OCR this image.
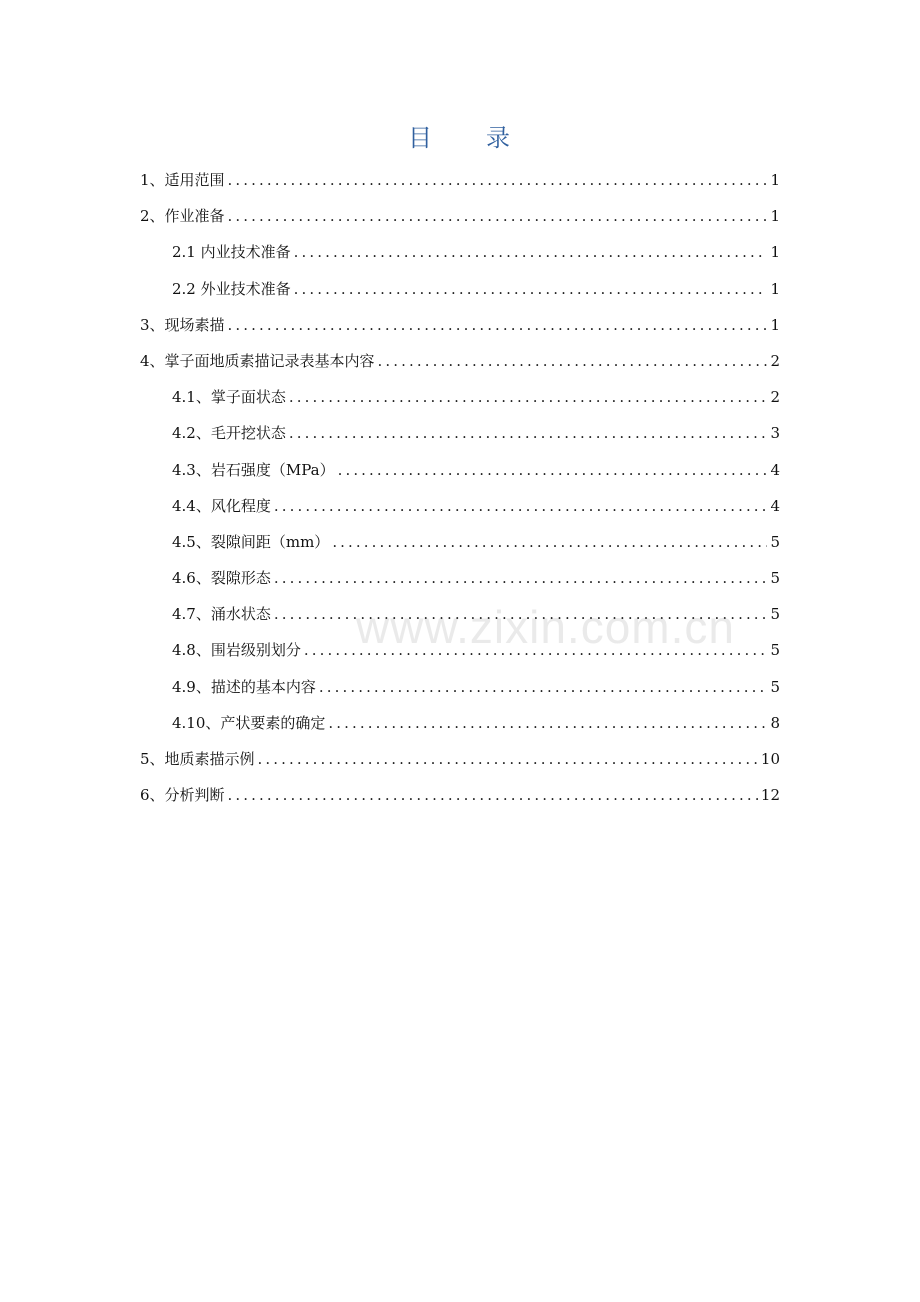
目　　录
1、适用范围 .....	1
2、作业准备 .....	1
2.1 内业技术准备 .....	1
2.2 外业技术准备 .....	1
3、现场素描 .....	1
4、掌子面地质素描记录表基本内容 .....	2
4.1、掌子面状态 .....	2
4.2、毛开挖状态 .....	3
4.3、岩石强度（MPa） .....	4
4.4、风化程度 .....	4
4.5、裂隙间距（mm） .....	5
4.6、裂隙形态 .....	5
4.7、涌水状态 .....	5
4.8、围岩级别划分 .....	5
4.9、描述的基本内容 .....	5
4.10、产状要素的确定 .....	8
5、地质素描示例 .....	10
6、分析判断 .....	12
www.zixin.com.cn
